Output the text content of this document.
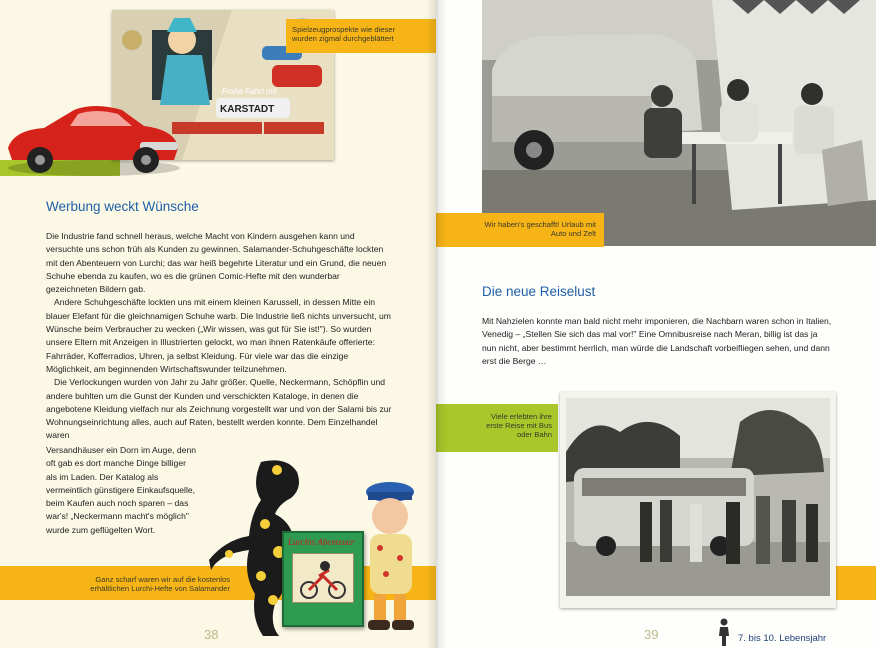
Frohe Fahrt mit
KARSTADT
Spielzeugprospekte wie dieser wurden zigmal durchgeblättert
Werbung weckt Wünsche

Die Industrie fand schnell heraus, welche Macht von Kindern ausgehen kann und versuchte uns schon früh als Kunden zu gewinnen. Salamander-Schuhgeschäfte lockten mit den Abenteuern von Lurchi; das war heiß begehrte Literatur und ein Grund, die neuen Schuhe ebenda zu kaufen, wo es die grünen Comic-Hefte mit den wunderbar gezeichneten Bildern gab.

Andere Schuhgeschäfte lockten uns mit einem kleinen Karussell, in dessen Mitte ein blauer Elefant für die gleichnamigen Schuhe warb. Die Industrie ließ nichts unversucht, um Wünsche beim Verbraucher zu wecken („Wir wissen, was gut für Sie ist!"). So wurden unsere Eltern mit Anzeigen in Illustrierten gelockt, wo man ihnen Ratenkäufe offerierte: Fahrräder, Kofferradios, Uhren, ja selbst Kleidung. Für viele war das die einzige Möglichkeit, am beginnenden Wirtschaftswunder teilzunehmen.

Die Verlockungen wurden von Jahr zu Jahr größer. Quelle, Neckermann, Schöpflin und andere buhlten um die Gunst der Kunden und verschickten Kataloge, in denen die angebotene Kleidung vielfach nur als Zeichnung vorgestellt war und von der Salami bis zur Wohnungseinrichtung alles, auch auf Raten, bestellt werden konnte. Dem Einzelhandel waren

Versandhäuser ein Dorn im Auge, denn oft gab es dort manche Dinge billiger als im Laden. Der Katalog als vermeintlich günstigere Einkaufsquelle, beim Kaufen auch noch sparen – das war's! „Neckermann macht's möglich" wurde zum geflügelten Wort.
Ganz scharf waren wir auf die kostenlos erhältlichen Lurchi-Hefte von Salamander
Lurchis Abenteuer
38
Wir haben's geschafft! Urlaub mit Auto und Zelt
Die neue Reiselust
Mit Nahzielen konnte man bald nicht mehr imponieren, die Nachbarn waren schon in Italien, Venedig – „Stellen Sie sich das mal vor!" Eine Omnibusreise nach Meran, billig ist das ja nun nicht, aber bestimmt herrlich, man würde die Landschaft vorbeifliegen sehen, und dann erst die Berge …
Viele erlebten ihre erste Reise mit Bus oder Bahn
39	7. bis 10. Lebensjahr
